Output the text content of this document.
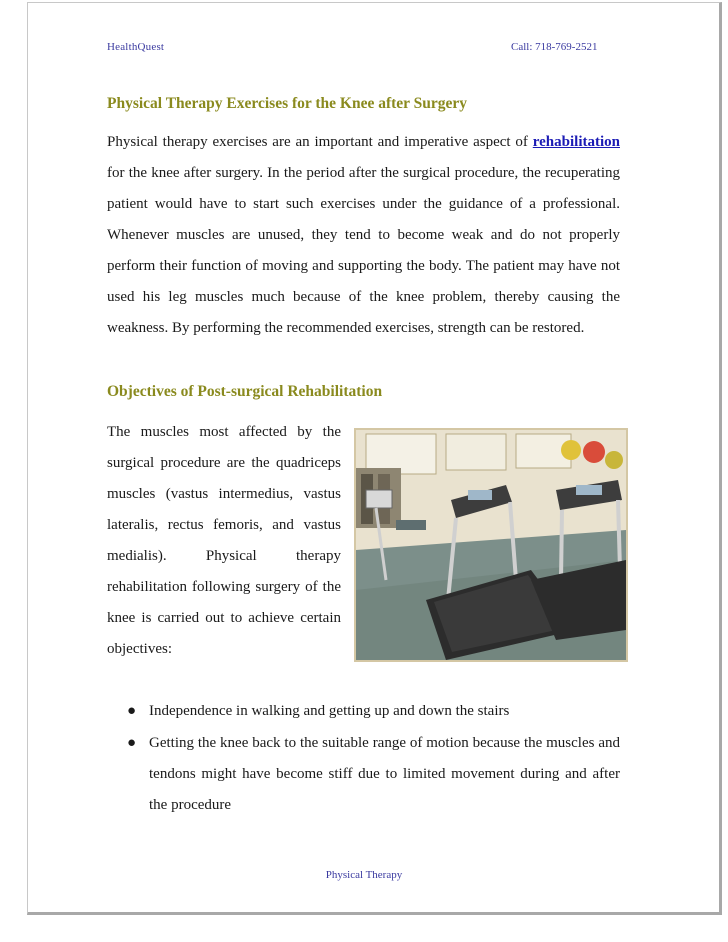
HealthQuest	Call: 718-769-2521
Physical Therapy Exercises for the Knee after Surgery

Physical therapy exercises are an important and imperative aspect of rehabilitation for the knee after surgery. In the period after the surgical procedure, the recuperating patient would have to start such exercises under the guidance of a professional. Whenever muscles are unused, they tend to become weak and do not properly perform their function of moving and supporting the body. The patient may have not used his leg muscles much because of the knee problem, thereby causing the weakness. By performing the recommended exercises, strength can be restored.

Objectives of Post-surgical Rehabilitation

The muscles most affected by the surgical procedure are the quadriceps muscles (vastus intermedius, vastus lateralis, rectus femoris, and vastus medialis). Physical therapy rehabilitation following surgery of the knee is carried out to achieve certain objectives:

● Independence in walking and getting up and down the stairs
● Getting the knee back to the suitable range of motion because the muscles and tendons might have become stiff due to limited movement during and after the procedure
Physical Therapy
